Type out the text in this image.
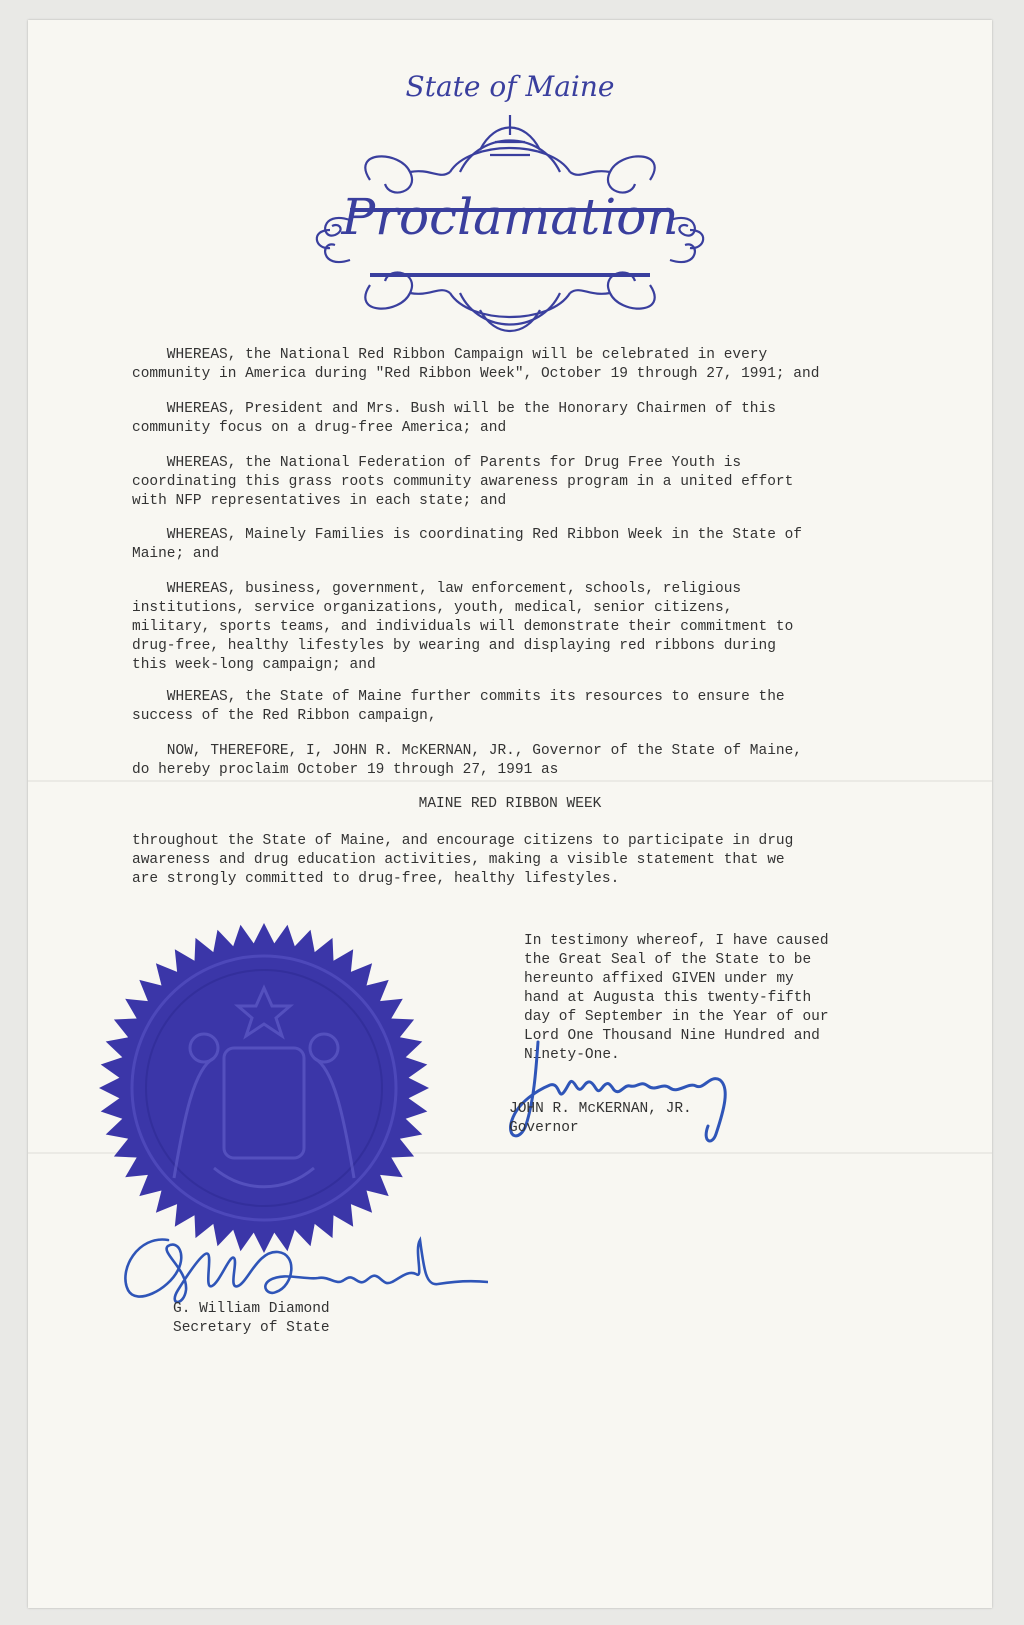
State of Maine
Proclamation
WHEREAS, the National Red Ribbon Campaign will be celebrated in every
community in America during "Red Ribbon Week", October 19 through 27, 1991; and
WHEREAS, President and Mrs. Bush will be the Honorary Chairmen of this
community focus on a drug-free America; and
WHEREAS, the National Federation of Parents for Drug Free Youth is
coordinating this grass roots community awareness program in a united effort
with NFP representatives in each state; and
WHEREAS, Mainely Families is coordinating Red Ribbon Week in the State of
Maine; and
WHEREAS, business, government, law enforcement, schools, religious
institutions, service organizations, youth, medical, senior citizens,
military, sports teams, and individuals will demonstrate their commitment to
drug-free, healthy lifestyles by wearing and displaying red ribbons during
this week-long campaign; and
WHEREAS, the State of Maine further commits its resources to ensure the
success of the Red Ribbon campaign,
NOW, THEREFORE, I, JOHN R. McKERNAN, JR., Governor of the State of Maine,
do hereby proclaim October 19 through 27, 1991 as
MAINE RED RIBBON WEEK
throughout the State of Maine, and encourage citizens to participate in drug
awareness and drug education activities, making a visible statement that we
are strongly committed to drug-free, healthy lifestyles.
In testimony whereof, I have caused
the Great Seal of the State to be
hereunto affixed GIVEN under my
hand at Augusta this twenty-fifth
day of September in the Year of our
Lord One Thousand Nine Hundred and
Ninety-One.
JOHN R. McKERNAN, JR.
Governor
G. William Diamond
Secretary of State
